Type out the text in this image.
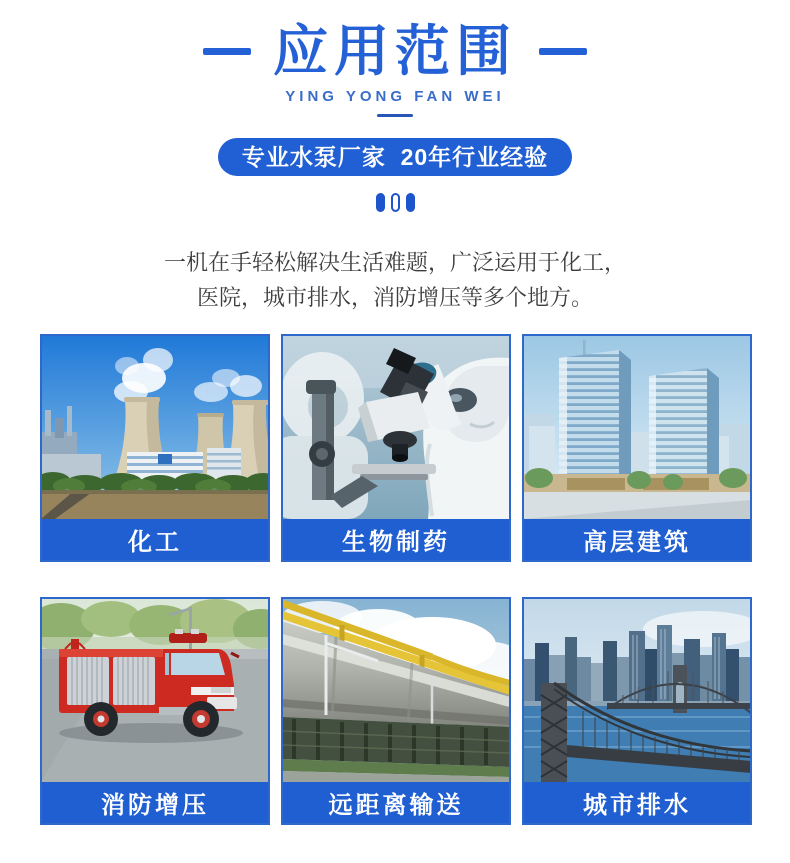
应用范围
YING YONG FAN WEI
专业水泵厂家  20年行业经验
一机在手轻松解决生活难题，广泛运用于化工，
医院，城市排水，消防增压等多个地方。
化工	生物制药	高层建筑
消防增压	远距离输送	城市排水
